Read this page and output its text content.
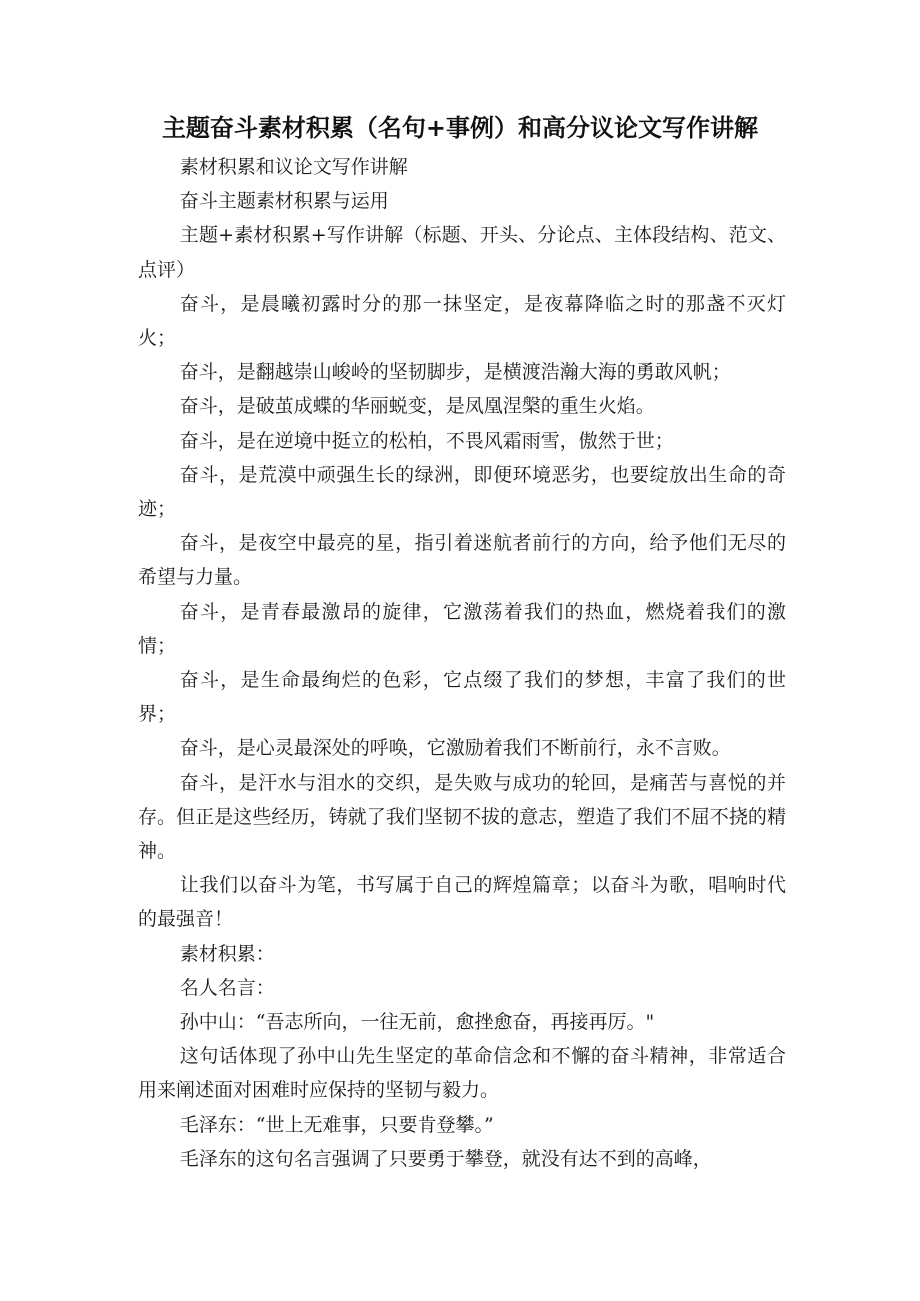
主题奋斗素材积累（名句+事例）和高分议论文写作讲解

素材积累和议论文写作讲解

奋斗主题素材积累与运用

主题+素材积累+写作讲解（标题、开头、分论点、主体段结构、范文、点评）

奋斗，是晨曦初露时分的那一抹坚定，是夜幕降临之时的那盏不灭灯火；

奋斗，是翻越崇山峻岭的坚韧脚步，是横渡浩瀚大海的勇敢风帆；

奋斗，是破茧成蝶的华丽蜕变，是凤凰涅槃的重生火焰。

奋斗，是在逆境中挺立的松柏，不畏风霜雨雪，傲然于世；

奋斗，是荒漠中顽强生长的绿洲，即便环境恶劣，也要绽放出生命的奇迹；

奋斗，是夜空中最亮的星，指引着迷航者前行的方向，给予他们无尽的希望与力量。

奋斗，是青春最激昂的旋律，它激荡着我们的热血，燃烧着我们的激情；

奋斗，是生命最绚烂的色彩，它点缀了我们的梦想，丰富了我们的世界；

奋斗，是心灵最深处的呼唤，它激励着我们不断前行，永不言败。

奋斗，是汗水与泪水的交织，是失败与成功的轮回，是痛苦与喜悦的并存。但正是这些经历，铸就了我们坚韧不拔的意志，塑造了我们不屈不挠的精神。

让我们以奋斗为笔，书写属于自己的辉煌篇章；以奋斗为歌，唱响时代的最强音！

素材积累：

名人名言：

孙中山：“吾志所向，一往无前，愈挫愈奋，再接再厉。"

这句话体现了孙中山先生坚定的革命信念和不懈的奋斗精神，非常适合用来阐述面对困难时应保持的坚韧与毅力。

毛泽东：“世上无难事，只要肯登攀。”

毛泽东的这句名言强调了只要勇于攀登，就没有达不到的高峰，
